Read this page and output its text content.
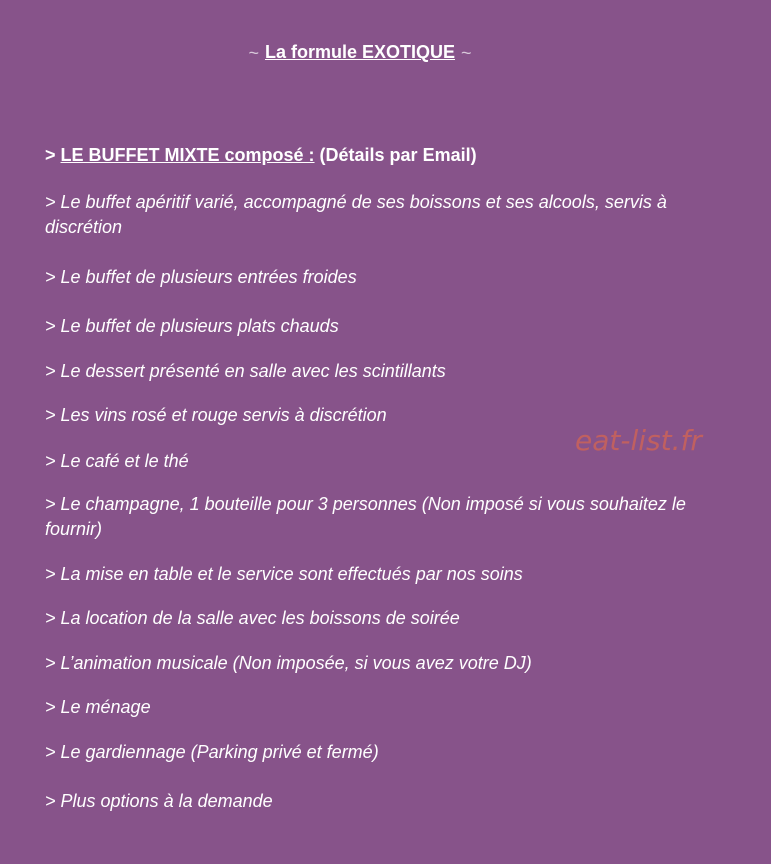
~ La formule EXOTIQUE ~
> LE BUFFET MIXTE composé : (Détails par Email)
> Le buffet apéritif varié, accompagné de ses boissons et ses alcools, servis à discrétion
> Le buffet de plusieurs entrées froides
> Le buffet de plusieurs plats chauds
> Le dessert présenté en salle avec les scintillants
> Les vins rosé et rouge servis à discrétion
> Le café et le thé
> Le champagne, 1 bouteille pour 3 personnes (Non imposé si vous souhaitez le fournir)
> La mise en table et le service sont effectués par nos soins
> La location de la salle avec les boissons de soirée
> L’animation musicale (Non imposée, si vous avez votre DJ)
> Le ménage
> Le gardiennage (Parking privé et fermé)
> Plus options à la demande
eat-list.fr
